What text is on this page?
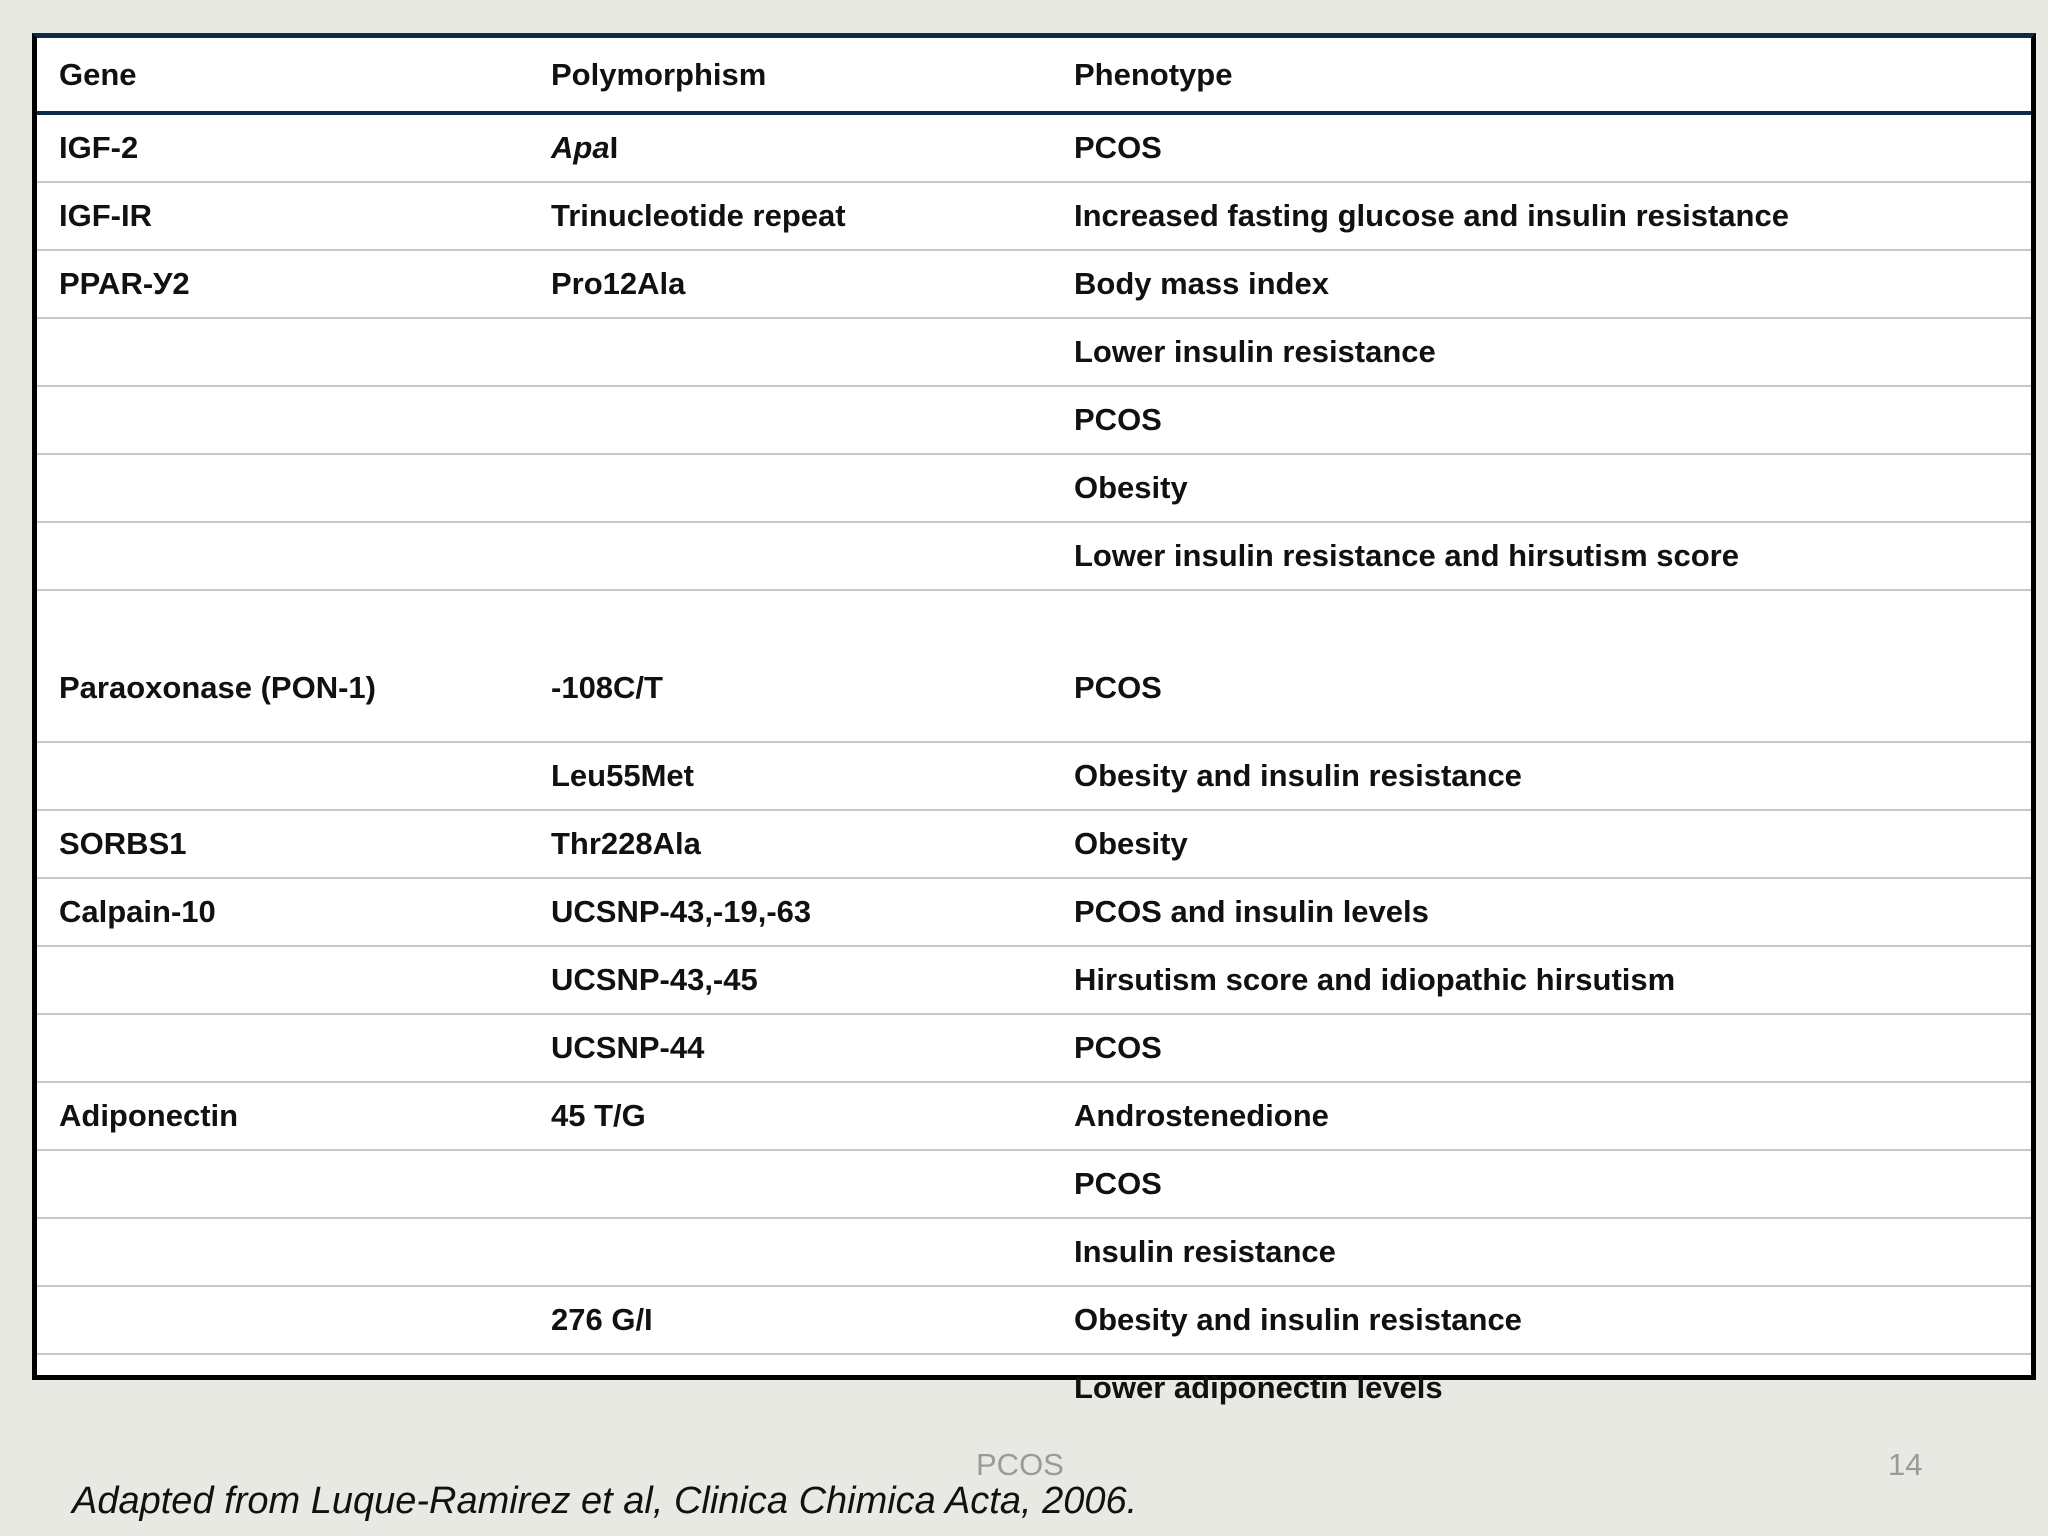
Gene	Polymorphism	Phenotype
IGF-2	ApaI	PCOS
IGF-IR	Trinucleotide repeat	Increased fasting glucose and insulin resistance
PPAR-У2	Pro12Ala	Body mass index
		Lower insulin resistance
		PCOS
		Obesity
		Lower insulin resistance and hirsutism score
Paraoxonase (PON-1)	-108C/T	PCOS
	Leu55Met	Obesity and insulin resistance
SORBS1	Thr228Ala	Obesity
Calpain-10	UCSNP-43,-19,-63	PCOS and insulin levels
	UCSNP-43,-45	Hirsutism score and idiopathic hirsutism
	UCSNP-44	PCOS
Adiponectin	45 T/G	Androstenedione
		PCOS
		Insulin resistance
	276 G/I	Obesity and insulin resistance
		Lower adiponectin levels
PCOS	14
Adapted from Luque-Ramirez et al, Clinica Chimica Acta, 2006.
